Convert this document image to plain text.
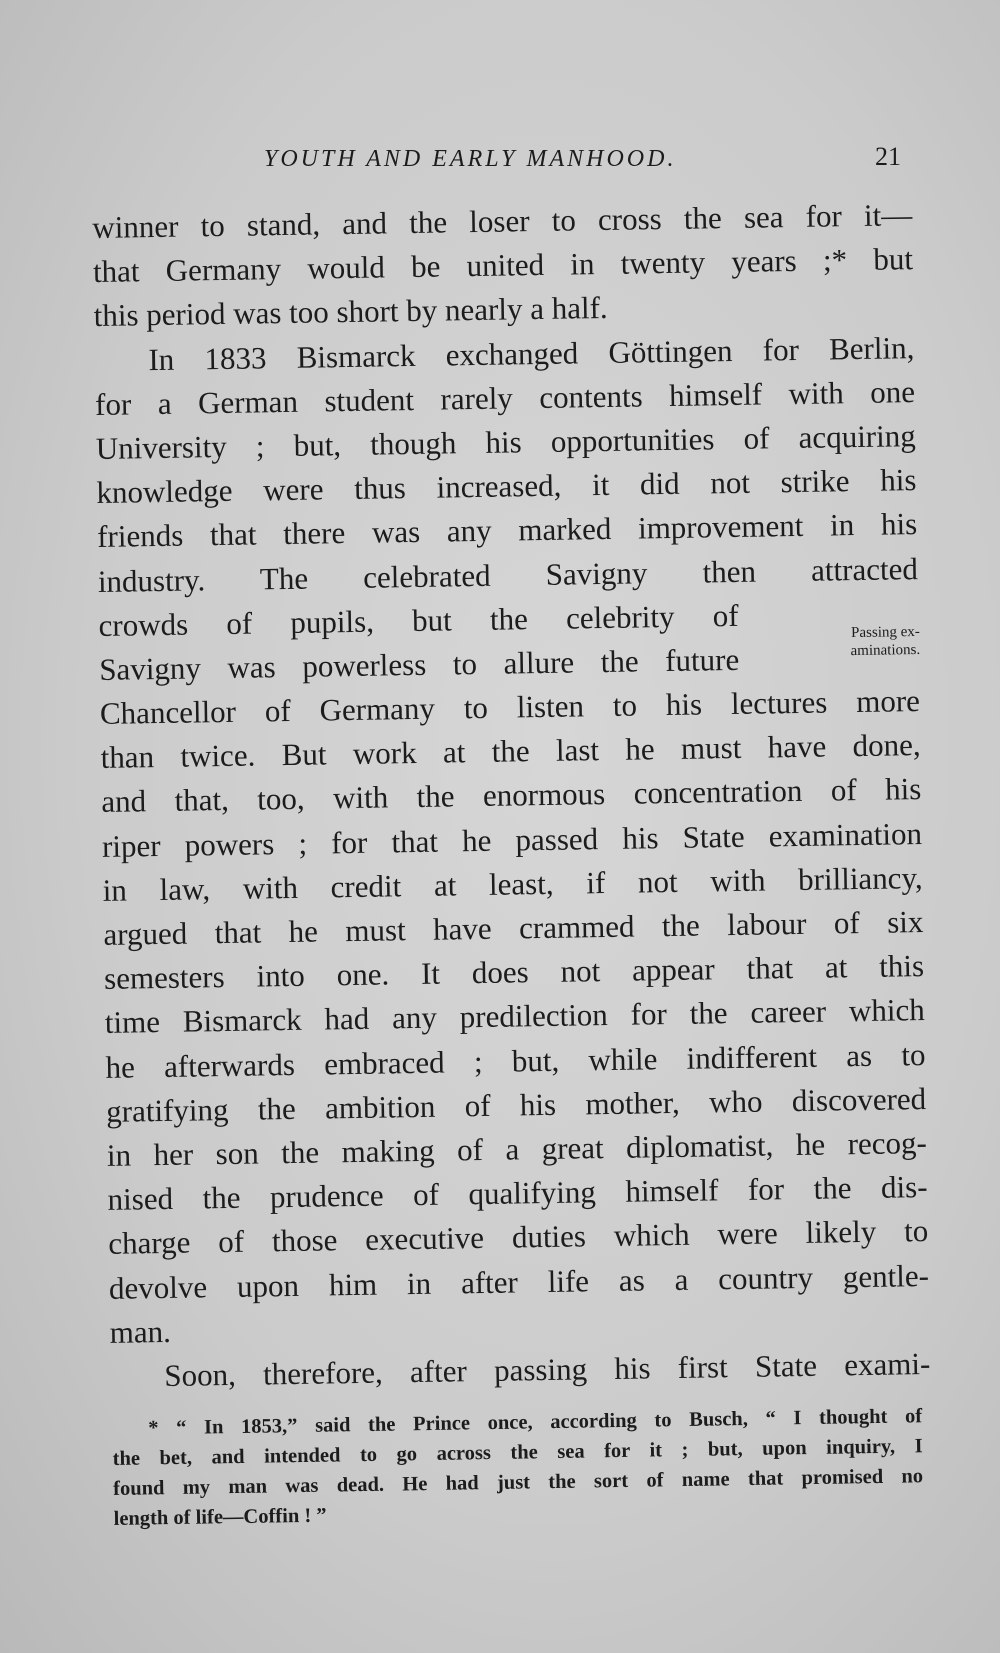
YOUTH AND EARLY MANHOOD.	21
winner to stand, and the loser to cross the sea for it—
that Germany would be united in twenty years ;* but
this period was too short by nearly a half.
In 1833 Bismarck exchanged Göttingen for Berlin,
for a German student rarely contents himself with one
University ; but, though his opportunities of acquiring
knowledge were thus increased, it did not strike his
friends that there was any marked improvement in his
industry. The celebrated Savigny then attracted
crowds of pupils, but the celebrity of
Savigny was powerless to allure the future
Chancellor of Germany to listen to his lectures more
than twice. But work at the last he must have done,
and that, too, with the enormous concentration of his
riper powers ; for that he passed his State examination
in law, with credit at least, if not with brilliancy,
argued that he must have crammed the labour of six
semesters into one. It does not appear that at this
time Bismarck had any predilection for the career which
he afterwards embraced ; but, while indifferent as to
gratifying the ambition of his mother, who discovered
in her son the making of a great diplomatist, he recog-
nised the prudence of qualifying himself for the dis-
charge of those executive duties which were likely to
devolve upon him in after life as a country gentle-
man.
Soon, therefore, after passing his first State exami-
Passing ex-
aminations.
* “ In 1853,” said the Prince once, according to Busch, “ I thought of
the bet, and intended to go across the sea for it ; but, upon inquiry, I
found my man was dead. He had just the sort of name that promised no
length of life—Coffin ! ”
